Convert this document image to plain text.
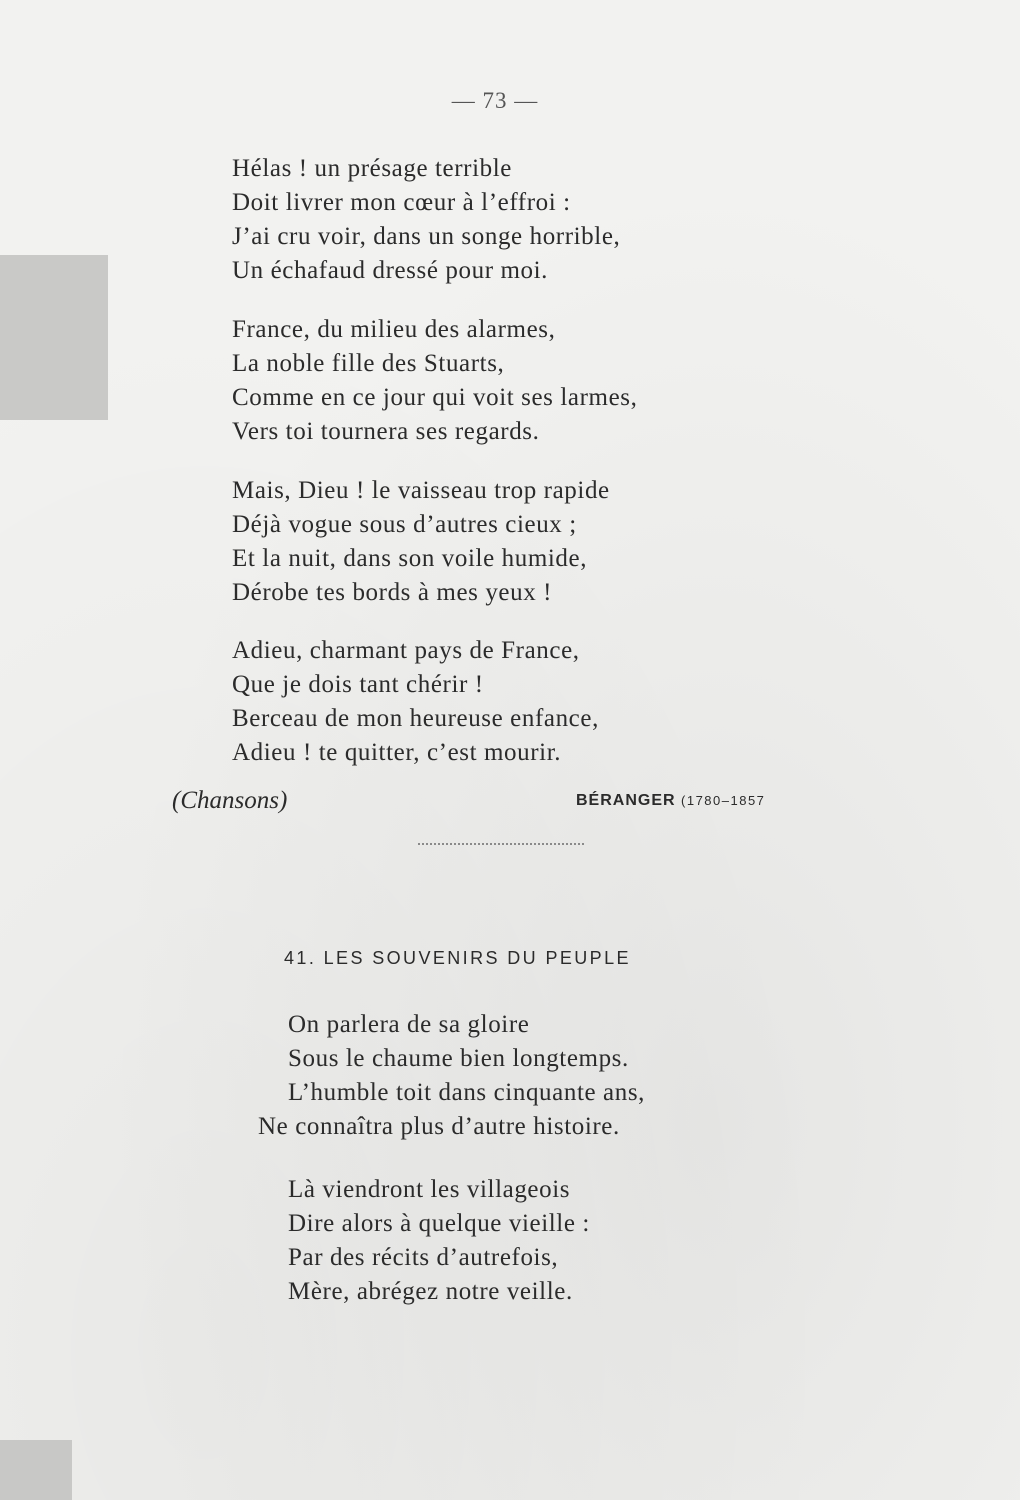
— 73 —
Hélas ! un présage terrible
Doit livrer mon cœur à l’effroi :
J’ai cru voir, dans un songe horrible,
Un échafaud dressé pour moi.
France, du milieu des alarmes,
La noble fille des Stuarts,
Comme en ce jour qui voit ses larmes,
Vers toi tournera ses regards.
Mais, Dieu ! le vaisseau trop rapide
Déjà vogue sous d’autres cieux ;
Et la nuit, dans son voile humide,
Dérobe tes bords à mes yeux !
Adieu, charmant pays de France,
Que je dois tant chérir !
Berceau de mon heureuse enfance,
Adieu ! te quitter, c’est mourir.
(Chansons)	BÉRANGER (1780–1857
41. LES SOUVENIRS DU PEUPLE
On parlera de sa gloire
Sous le chaume bien longtemps.
L’humble toit dans cinquante ans,
Ne connaîtra plus d’autre histoire.
Là viendront les villageois
Dire alors à quelque vieille :
Par des récits d’autrefois,
Mère, abrégez notre veille.
